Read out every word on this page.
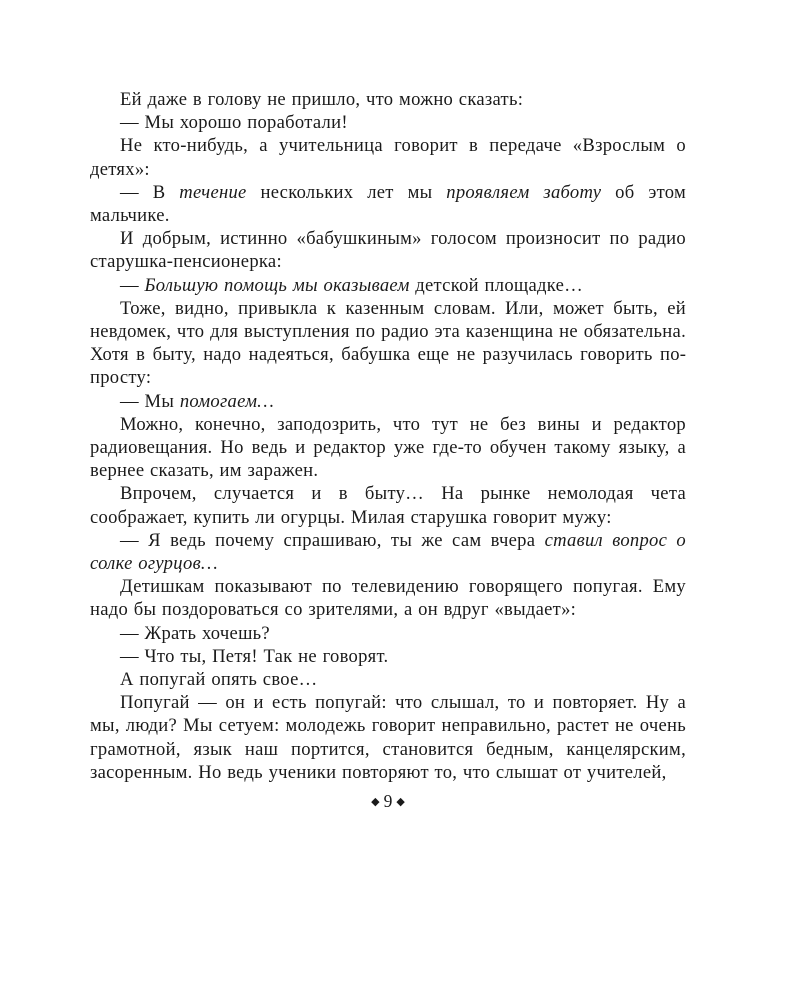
Ей даже в голову не пришло, что можно сказать:

— Мы хорошо поработали!

Не кто-нибудь, а учительница говорит в передаче «Взрослым о детях»:

— В течение нескольких лет мы проявляем заботу об этом мальчике.

И добрым, истинно «бабушкиным» голосом произносит по радио старушка-пенсионерка:

— Большую помощь мы оказываем детской площадке…

Тоже, видно, привыкла к казенным словам. Или, может быть, ей невдомек, что для выступления по радио эта казенщина не обязательна. Хотя в быту, надо надеяться, бабушка еще не разучилась говорить попросту:

— Мы помогаем…

Можно, конечно, заподозрить, что тут не без вины и редактор радиовещания. Но ведь и редактор уже где-то обучен такому языку, а вернее сказать, им заражен.

Впрочем, случается и в быту… На рынке немолодая чета соображает, купить ли огурцы. Милая старушка говорит мужу:

— Я ведь почему спрашиваю, ты же сам вчера ставил вопрос о солке огурцов…

Детишкам показывают по телевидению говорящего попугая. Ему надо бы поздороваться со зрителями, а он вдруг «выдает»:

— Жрать хочешь?

— Что ты, Петя! Так не говорят.

А попугай опять свое…

Попугай — он и есть попугай: что слышал, то и повторяет. Ну а мы, люди? Мы сетуем: молодежь говорит неправильно, растет не очень грамотной, язык наш портится, становится бедным, канцелярским, засоренным. Но ведь ученики повторяют то, что слышат от учителей,

◆ 9 ◆
